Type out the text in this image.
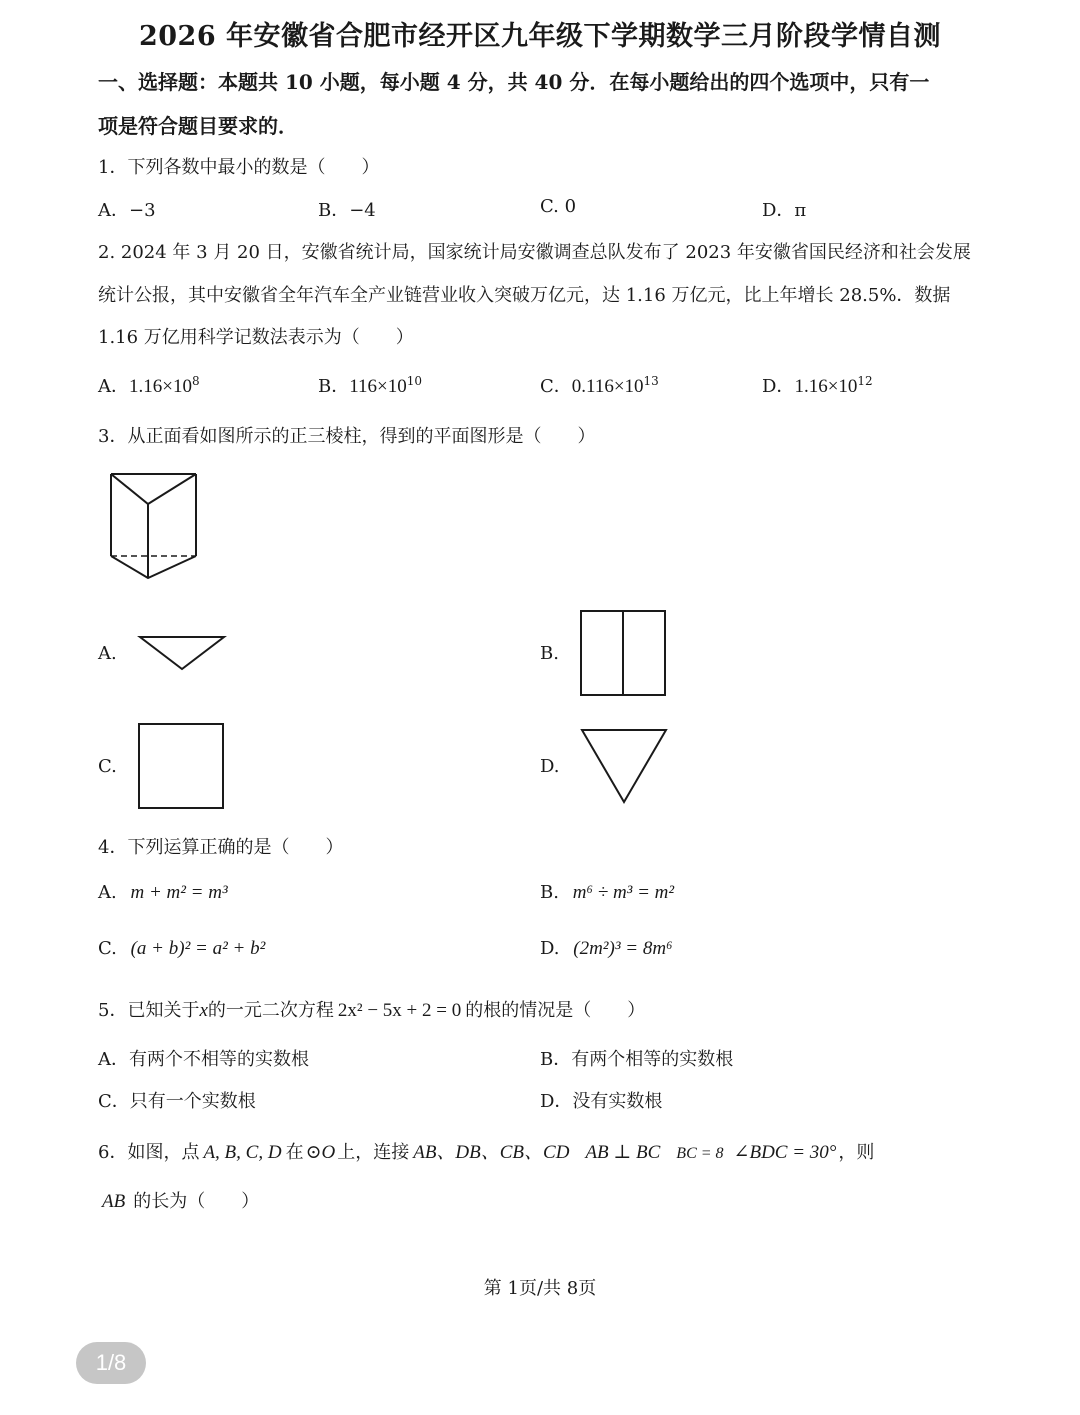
2026 年安徽省合肥市经开区九年级下学期数学三月阶段学情自测
一、选择题：本题共 10 小题，每小题 4 分，共 40 分．在每小题给出的四个选项中，只有一
项是符合题目要求的．
1．下列各数中最小的数是（　　）
A．−3	B．−4	C. 0	D．π
2. 2024 年 3 月 20 日，安徽省统计局，国家统计局安徽调查总队发布了 2023 年安徽省国民经济和社会发展
统计公报，其中安徽省全年汽车全产业链营业收入突破万亿元，达 1.16 万亿元，比上年增长 28.5%．数据
1.16 万亿用科学记数法表示为（　　）
A．$1.16\times 10^8$	B．$116\times 10^{10}$	C．$0.116\times 10^{13}$	D．$1.16\times 10^{12}$
3．从正面看如图所示的正三棱柱，得到的平面图形是（　　）
A.	B.
C.	D.
4．下列运算正确的是（　　）
A. m + m² = m³	B. m⁶ ÷ m³ = m²
C. (a + b)² = a² + b²	D. (2m²)³ = 8m⁶
5．已知关于x的一元二次方程 2x² − 5x + 2 = 0 的根的情况是（　　）
A．有两个不相等的实数根	B．有两个相等的实数根
C．只有一个实数根	D．没有实数根
6．如图，点 A, B, C, D 在 ⊙O 上，连接 AB、DB、CB、CD AB ⊥ BC BC = 8 ∠BDC = 30° ，则
AB 的长为（　　）
第 1页/共 8页
1/8
